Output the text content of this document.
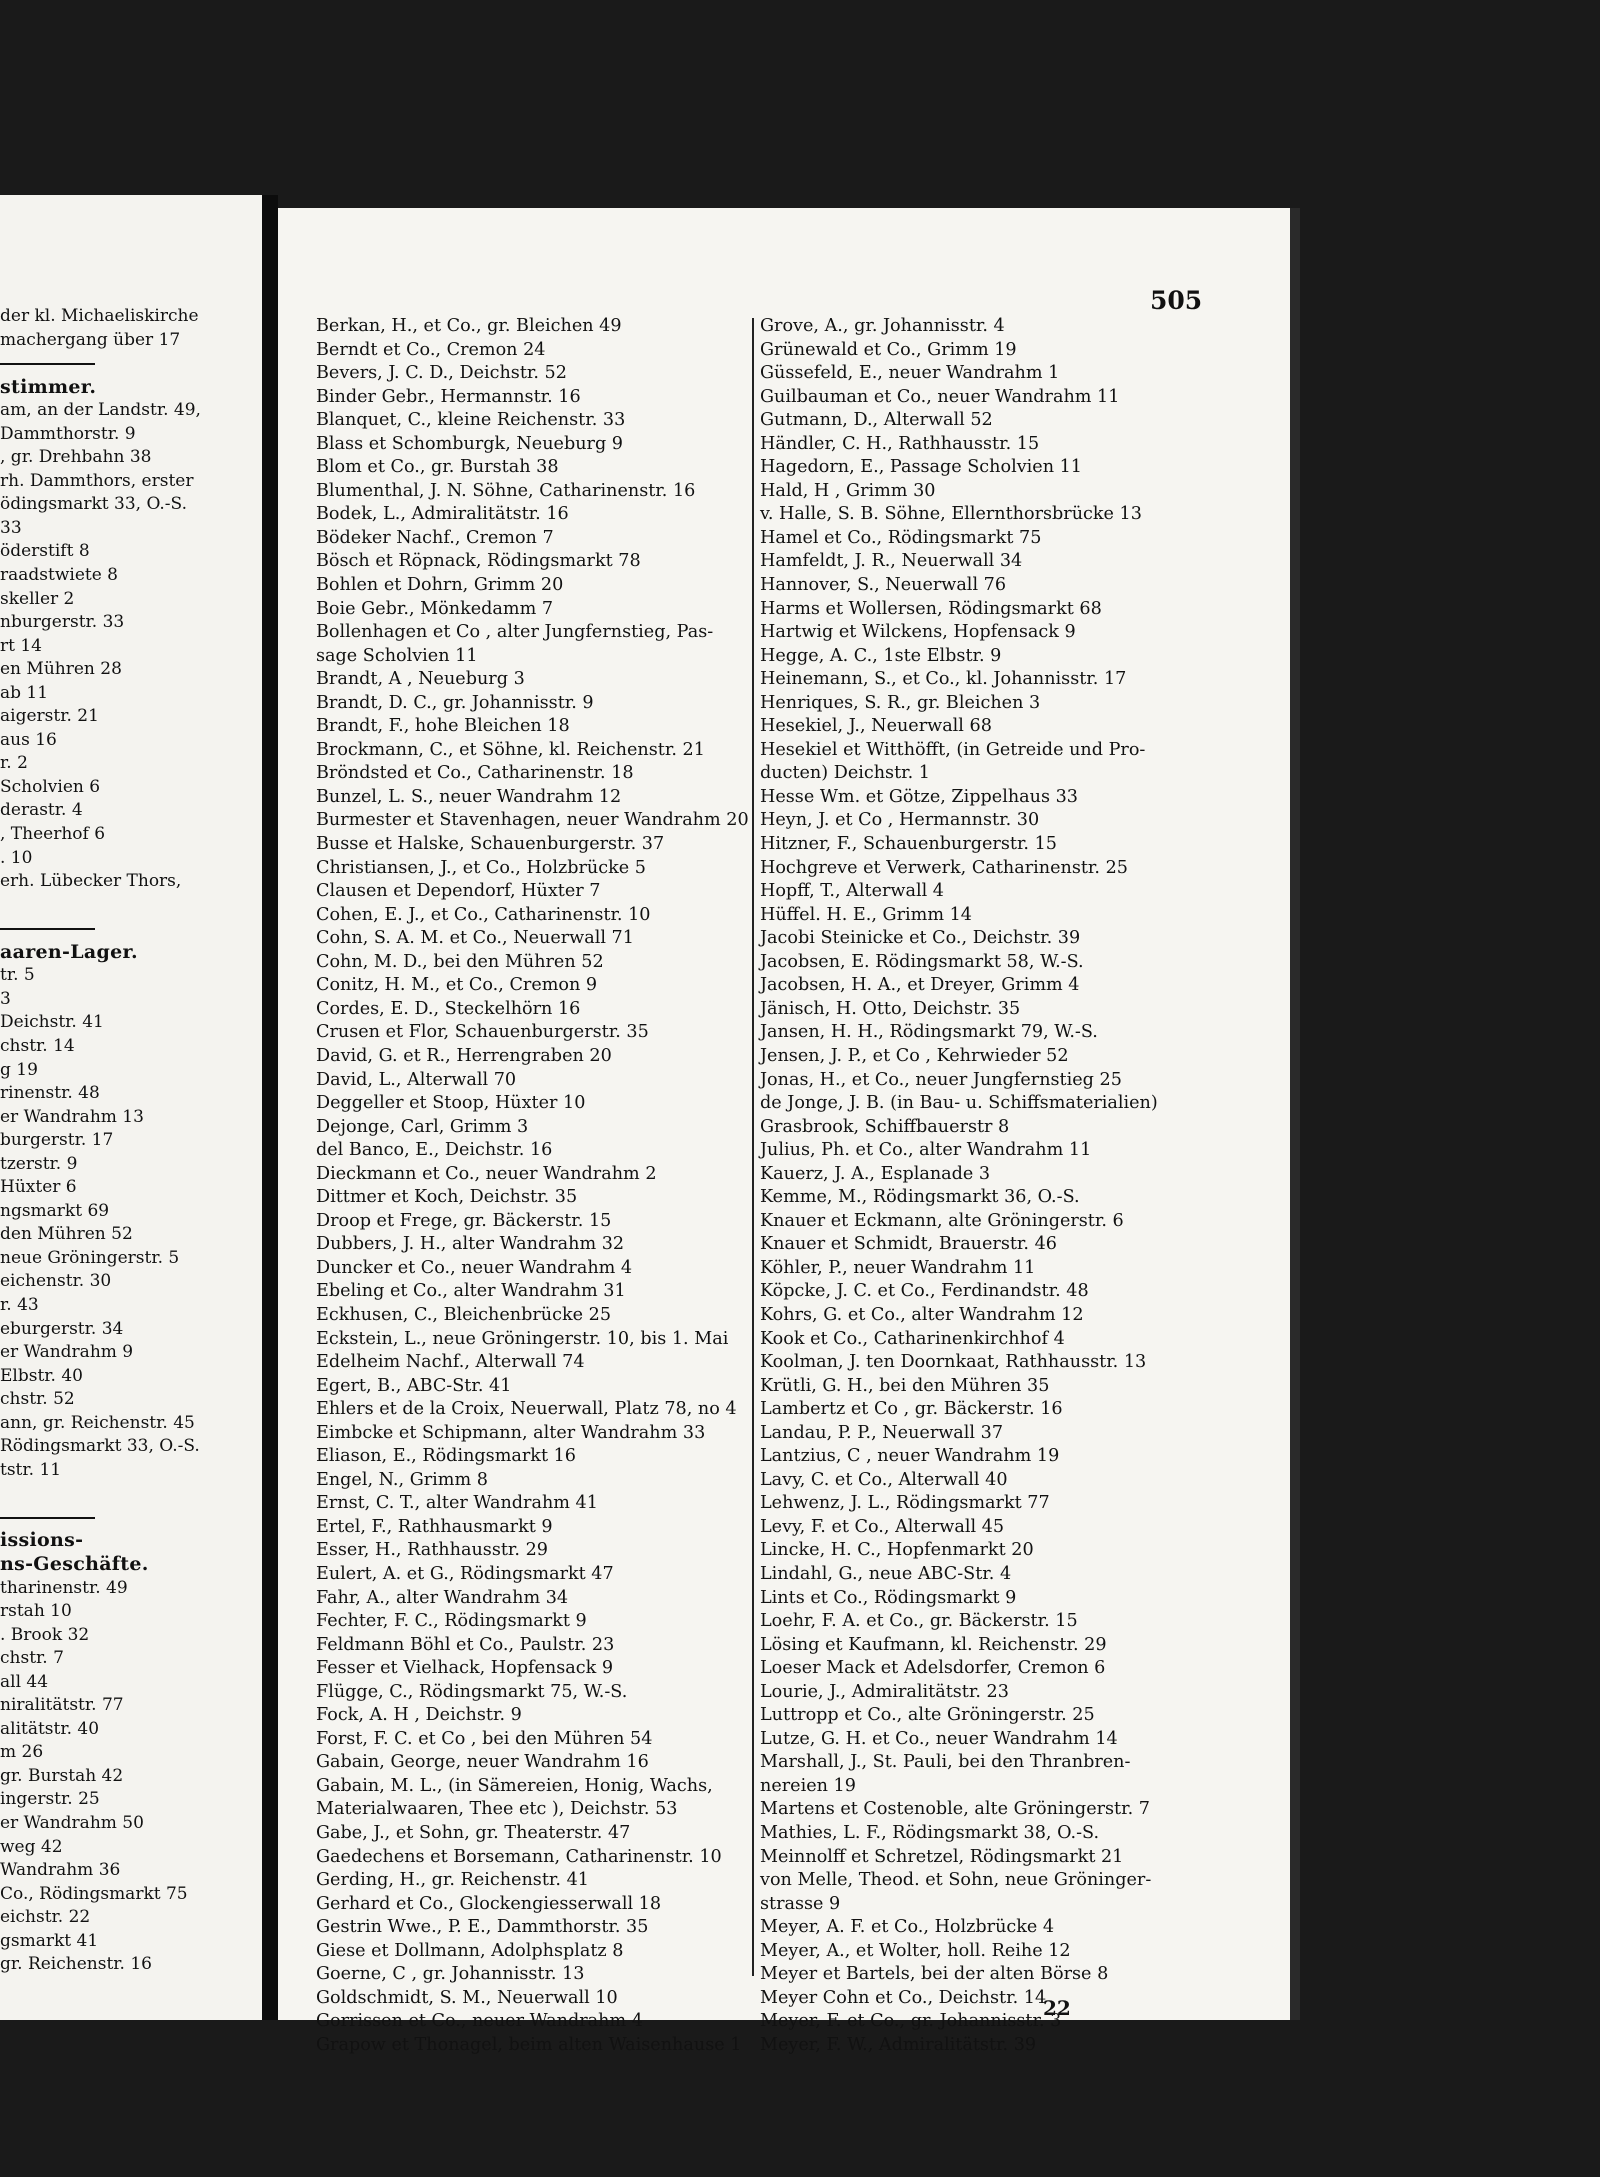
der kl. Michaeliskirche
machergang über 17
stimmer.
am, an der Landstr. 49,
Dammthorstr. 9
, gr. Drehbahn 38
rh. Dammthors, erster
ödingsmarkt 33, O.-S.
33
öderstift 8
raadstwiete 8
skeller 2
nburgerstr. 33
rt 14
en Mühren 28
ab 11
aigerstr. 21
aus 16
r. 2
Scholvien 6
derastr. 4
, Theerhof 6
. 10
erh. Lübecker Thors,
aaren-Lager.
tr. 5
3
Deichstr. 41
chstr. 14
g 19
rinenstr. 48
er Wandrahm 13
burgerstr. 17
tzerstr. 9
Hüxter 6
ngsmarkt 69
den Mühren 52
neue Gröningerstr. 5
eichenstr. 30
r. 43
eburgerstr. 34
er Wandrahm 9
Elbstr. 40
chstr. 52
ann, gr. Reichenstr. 45
Rödingsmarkt 33, O.-S.
tstr. 11
issions-
ns-Geschäfte.
tharinenstr. 49
rstah 10
. Brook 32
chstr. 7
all 44
niralitätstr. 77
alitätstr. 40
m 26
gr. Burstah 42
ingerstr. 25
er Wandrahm 50
weg 42
Wandrahm 36
Co., Rödingsmarkt 75
eichstr. 22
gsmarkt 41
gr. Reichenstr. 16
505
Berkan, H., et Co., gr. Bleichen 49
Berndt et Co., Cremon 24
Bevers, J. C. D., Deichstr. 52
Binder Gebr., Hermannstr. 16
Blanquet, C., kleine Reichenstr. 33
Blass et Schomburgk, Neueburg 9
Blom et Co., gr. Burstah 38
Blumenthal, J. N. Söhne, Catharinenstr. 16
Bodek, L., Admiralitätstr. 16
Bödeker Nachf., Cremon 7
Bösch et Röpnack, Rödingsmarkt 78
Bohlen et Dohrn, Grimm 20
Boie Gebr., Mönkedamm 7
Bollenhagen et Co , alter Jungfernstieg, Pas-
sage Scholvien 11
Brandt, A , Neueburg 3
Brandt, D. C., gr. Johannisstr. 9
Brandt, F., hohe Bleichen 18
Brockmann, C., et Söhne, kl. Reichenstr. 21
Bröndsted et Co., Catharinenstr. 18
Bunzel, L. S., neuer Wandrahm 12
Burmester et Stavenhagen, neuer Wandrahm 20
Busse et Halske, Schauenburgerstr. 37
Christiansen, J., et Co., Holzbrücke 5
Clausen et Dependorf, Hüxter 7
Cohen, E. J., et Co., Catharinenstr. 10
Cohn, S. A. M. et Co., Neuerwall 71
Cohn, M. D., bei den Mühren 52
Conitz, H. M., et Co., Cremon 9
Cordes, E. D., Steckelhörn 16
Crusen et Flor, Schauenburgerstr. 35
David, G. et R., Herrengraben 20
David, L., Alterwall 70
Deggeller et Stoop, Hüxter 10
Dejonge, Carl, Grimm 3
del Banco, E., Deichstr. 16
Dieckmann et Co., neuer Wandrahm 2
Dittmer et Koch, Deichstr. 35
Droop et Frege, gr. Bäckerstr. 15
Dubbers, J. H., alter Wandrahm 32
Duncker et Co., neuer Wandrahm 4
Ebeling et Co., alter Wandrahm 31
Eckhusen, C., Bleichenbrücke 25
Eckstein, L., neue Gröningerstr. 10, bis 1. Mai
Edelheim Nachf., Alterwall 74
Egert, B., ABC-Str. 41
Ehlers et de la Croix, Neuerwall, Platz 78, no 4
Eimbcke et Schipmann, alter Wandrahm 33
Eliason, E., Rödingsmarkt 16
Engel, N., Grimm 8
Ernst, C. T., alter Wandrahm 41
Ertel, F., Rathhausmarkt 9
Esser, H., Rathhausstr. 29
Eulert, A. et G., Rödingsmarkt 47
Fahr, A., alter Wandrahm 34
Fechter, F. C., Rödingsmarkt 9
Feldmann Böhl et Co., Paulstr. 23
Fesser et Vielhack, Hopfensack 9
Flügge, C., Rödingsmarkt 75, W.-S.
Fock, A. H , Deichstr. 9
Forst, F. C. et Co , bei den Mühren 54
Gabain, George, neuer Wandrahm 16
Gabain, M. L., (in Sämereien, Honig, Wachs,
Materialwaaren, Thee etc ), Deichstr. 53
Gabe, J., et Sohn, gr. Theaterstr. 47
Gaedechens et Borsemann, Catharinenstr. 10
Gerding, H., gr. Reichenstr. 41
Gerhard et Co., Glockengiesserwall 18
Gestrin Wwe., P. E., Dammthorstr. 35
Giese et Dollmann, Adolphsplatz 8
Goerne, C , gr. Johannisstr. 13
Goldschmidt, S. M., Neuerwall 10
Gorrissen et Co., neuer Wandrahm 4
Grapow et Thonagel, beim alten Waisenhause 1
Grove, A., gr. Johannisstr. 4
Grünewald et Co., Grimm 19
Güssefeld, E., neuer Wandrahm 1
Guilbauman et Co., neuer Wandrahm 11
Gutmann, D., Alterwall 52
Händler, C. H., Rathhausstr. 15
Hagedorn, E., Passage Scholvien 11
Hald, H , Grimm 30
v. Halle, S. B. Söhne, Ellernthorsbrücke 13
Hamel et Co., Rödingsmarkt 75
Hamfeldt, J. R., Neuerwall 34
Hannover, S., Neuerwall 76
Harms et Wollersen, Rödingsmarkt 68
Hartwig et Wilckens, Hopfensack 9
Hegge, A. C., 1ste Elbstr. 9
Heinemann, S., et Co., kl. Johannisstr. 17
Henriques, S. R., gr. Bleichen 3
Hesekiel, J., Neuerwall 68
Hesekiel et Witthöfft, (in Getreide und Pro-
ducten) Deichstr. 1
Hesse Wm. et Götze, Zippelhaus 33
Heyn, J. et Co , Hermannstr. 30
Hitzner, F., Schauenburgerstr. 15
Hochgreve et Verwerk, Catharinenstr. 25
Hopff, T., Alterwall 4
Hüffel. H. E., Grimm 14
Jacobi Steinicke et Co., Deichstr. 39
Jacobsen, E. Rödingsmarkt 58, W.-S.
Jacobsen, H. A., et Dreyer, Grimm 4
Jänisch, H. Otto, Deichstr. 35
Jansen, H. H., Rödingsmarkt 79, W.-S.
Jensen, J. P., et Co , Kehrwieder 52
Jonas, H., et Co., neuer Jungfernstieg 25
de Jonge, J. B. (in Bau- u. Schiffsmaterialien)
Grasbrook, Schiffbauerstr 8
Julius, Ph. et Co., alter Wandrahm 11
Kauerz, J. A., Esplanade 3
Kemme, M., Rödingsmarkt 36, O.-S.
Knauer et Eckmann, alte Gröningerstr. 6
Knauer et Schmidt, Brauerstr. 46
Köhler, P., neuer Wandrahm 11
Köpcke, J. C. et Co., Ferdinandstr. 48
Kohrs, G. et Co., alter Wandrahm 12
Kook et Co., Catharinenkirchhof 4
Koolman, J. ten Doornkaat, Rathhausstr. 13
Krütli, G. H., bei den Mühren 35
Lambertz et Co , gr. Bäckerstr. 16
Landau, P. P., Neuerwall 37
Lantzius, C , neuer Wandrahm 19
Lavy, C. et Co., Alterwall 40
Lehwenz, J. L., Rödingsmarkt 77
Levy, F. et Co., Alterwall 45
Lincke, H. C., Hopfenmarkt 20
Lindahl, G., neue ABC-Str. 4
Lints et Co., Rödingsmarkt 9
Loehr, F. A. et Co., gr. Bäckerstr. 15
Lösing et Kaufmann, kl. Reichenstr. 29
Loeser Mack et Adelsdorfer, Cremon 6
Lourie, J., Admiralitätstr. 23
Luttropp et Co., alte Gröningerstr. 25
Lutze, G. H. et Co., neuer Wandrahm 14
Marshall, J., St. Pauli, bei den Thranbren-
nereien 19
Martens et Costenoble, alte Gröningerstr. 7
Mathies, L. F., Rödingsmarkt 38, O.-S.
Meinnolff et Schretzel, Rödingsmarkt 21
von Melle, Theod. et Sohn, neue Gröninger-
strasse 9
Meyer, A. F. et Co., Holzbrücke 4
Meyer, A., et Wolter, holl. Reihe 12
Meyer et Bartels, bei der alten Börse 8
Meyer Cohn et Co., Deichstr. 14
Meyer, F. et Co., gr. Johannisstr. 3
Meyer, F. W., Admiralitätstr. 39
22
